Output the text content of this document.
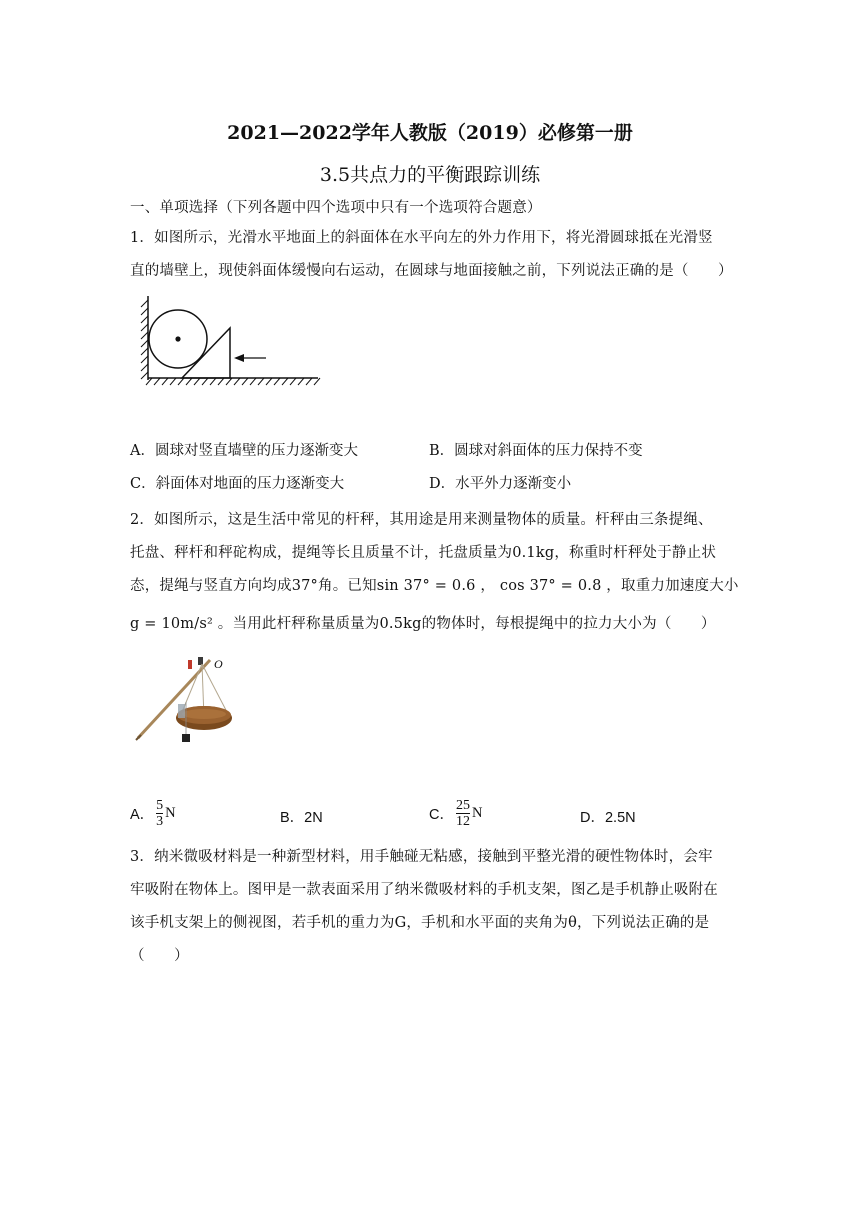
2021—2022学年人教版（2019）必修第一册
3.5共点力的平衡跟踪训练
一、单项选择（下列各题中四个选项中只有一个选项符合题意）
1．如图所示，光滑水平地面上的斜面体在水平向左的外力作用下，将光滑圆球抵在光滑竖
直的墙壁上，现使斜面体缓慢向右运动，在圆球与地面接触之前，下列说法正确的是（　　）
A．圆球对竖直墙壁的压力逐渐变大	B．圆球对斜面体的压力保持不变
C．斜面体对地面的压力逐渐变大	D．水平外力逐渐变小
2．如图所示，这是生活中常见的杆秤，其用途是用来测量物体的质量。杆秤由三条提绳、
托盘、秤杆和秤砣构成，提绳等长且质量不计，托盘质量为0.1kg，称重时杆秤处于静止状
态，提绳与竖直方向均成37°角。已知sin 37° = 0.6 ， cos 37° = 0.8 ，取重力加速度大小
g = 10m/s² 。当用此杆秤称量质量为0.5kg的物体时，每根提绳中的拉力大小为（　　）
O
A． $\frac{5}{3}$ N	B．2N	C． $\frac{25}{12}$ N	D．2.5N
3．纳米微吸材料是一种新型材料，用手触碰无粘感，接触到平整光滑的硬性物体时，会牢
牢吸附在物体上。图甲是一款表面采用了纳米微吸材料的手机支架，图乙是手机静止吸附在
该手机支架上的侧视图，若手机的重力为G，手机和水平面的夹角为θ，下列说法正确的是
（　　）
